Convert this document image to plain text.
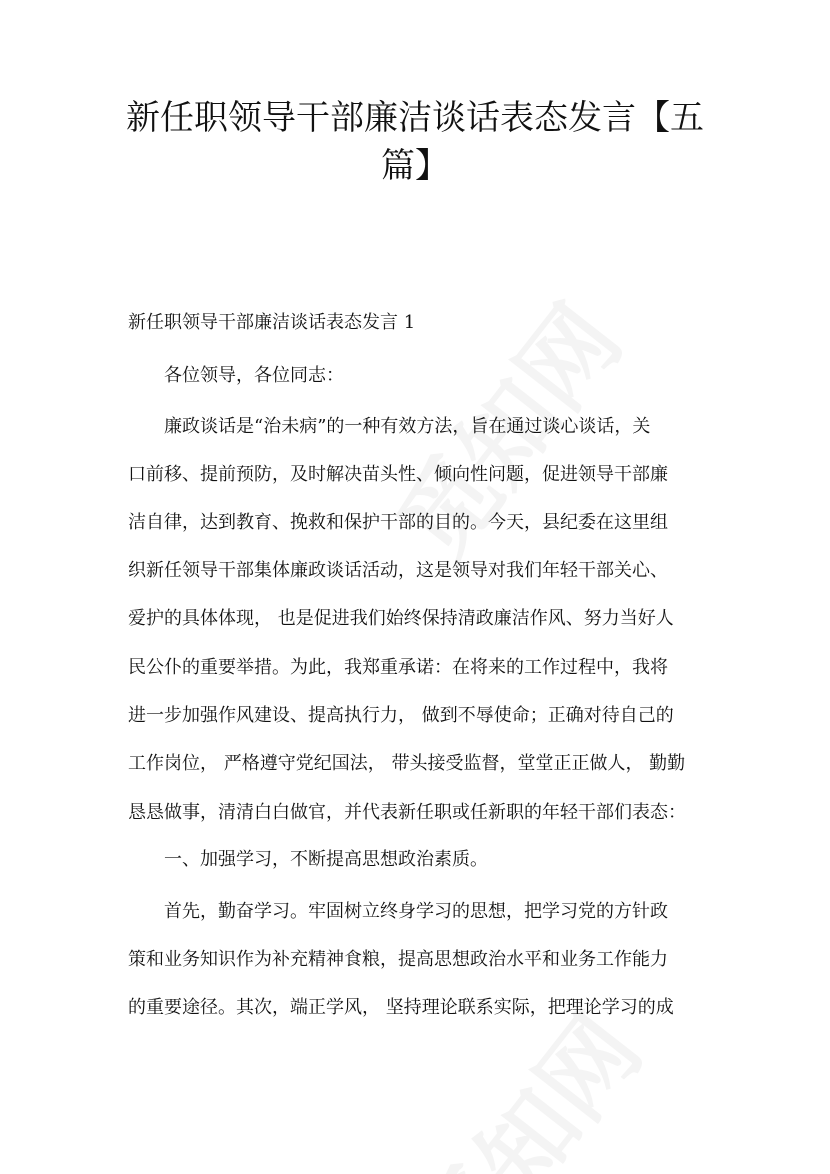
新任职领导干部廉洁谈话表态发言【五
篇】
新任职领导干部廉洁谈话表态发言 1
各位领导，各位同志：
廉政谈话是“治未病”的一种有效方法，旨在通过谈心谈话，关
口前移、提前预防，及时解决苗头性、倾向性问题，促进领导干部廉
洁自律，达到教育、挽救和保护干部的目的。今天，县纪委在这里组
织新任领导干部集体廉政谈话活动，这是领导对我们年轻干部关心、
爱护的具体体现， 也是促进我们始终保持清政廉洁作风、努力当好人
民公仆的重要举措。为此，我郑重承诺：在将来的工作过程中，我将
进一步加强作风建设、提高执行力， 做到不辱使命；正确对待自己的
工作岗位， 严格遵守党纪国法， 带头接受监督，堂堂正正做人， 勤勤
恳恳做事，清清白白做官，并代表新任职或任新职的年轻干部们表态：
一、加强学习，不断提高思想政治素质。
首先，勤奋学习。牢固树立终身学习的思想，把学习党的方针政
策和业务知识作为补充精神食粮，提高思想政治水平和业务工作能力
的重要途径。其次，端正学风， 坚持理论联系实际，把理论学习的成
